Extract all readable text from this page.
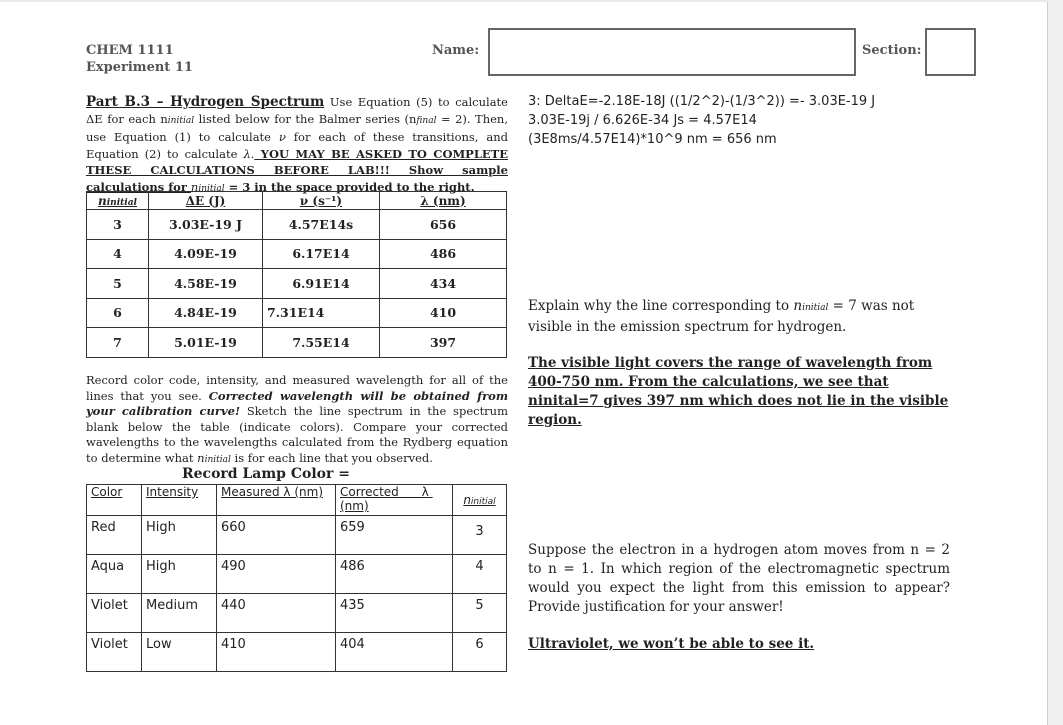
CHEM 1111
Experiment 11
Name:	Section:
Part B.3 – Hydrogen Spectrum Use Equation (5) to calculate ΔE for each ninitial listed below for the Balmer series (nfinal = 2). Then, use Equation (1) to calculate ν for each of these transitions, and Equation (2) to calculate λ. YOU MAY BE ASKED TO COMPLETE THESE CALCULATIONS BEFORE LAB!!! Show sample calculations for ninitial = 3 in the space provided to the right.
ninitial	ΔE (J)	ν (s⁻¹)	λ (nm)
3	3.03E-19 J	4.57E14s	656
4	4.09E-19	6.17E14	486
5	4.58E-19	6.91E14	434
6	4.84E-19	7.31E14	410
7	5.01E-19	7.55E14	397
Record color code, intensity, and measured wavelength for all of the lines that you see. Corrected wavelength will be obtained from your calibration curve! Sketch the line spectrum in the spectrum blank below the table (indicate colors). Compare your corrected wavelengths to the wavelengths calculated from the Rydberg equation to determine what ninitial is for each line that you observed.
Record Lamp Color =
Color	Intensity	Measured λ (nm)	Corrected      λ (nm)	ninitial
Red	High	660	659	3
Aqua	High	490	486	4
Violet	Medium	440	435	5
Violet	Low	410	404	6
3: DeltaE=-2.18E-18J ((1/2^2)-(1/3^2)) =- 3.03E-19 J
3.03E-19j / 6.626E-34 Js = 4.57E14
(3E8ms/4.57E14)*10^9 nm = 656 nm
Explain why the line corresponding to ninitial = 7 was not visible in the emission spectrum for hydrogen.
The visible light covers the range of wavelength from 400-750 nm. From the calculations, we see that ninital=7 gives 397 nm which does not lie in the visible region.
Suppose the electron in a hydrogen atom moves from n = 2 to n = 1. In which region of the electromagnetic spectrum would you expect the light from this emission to appear? Provide justification for your answer!
Ultraviolet, we won’t be able to see it.
